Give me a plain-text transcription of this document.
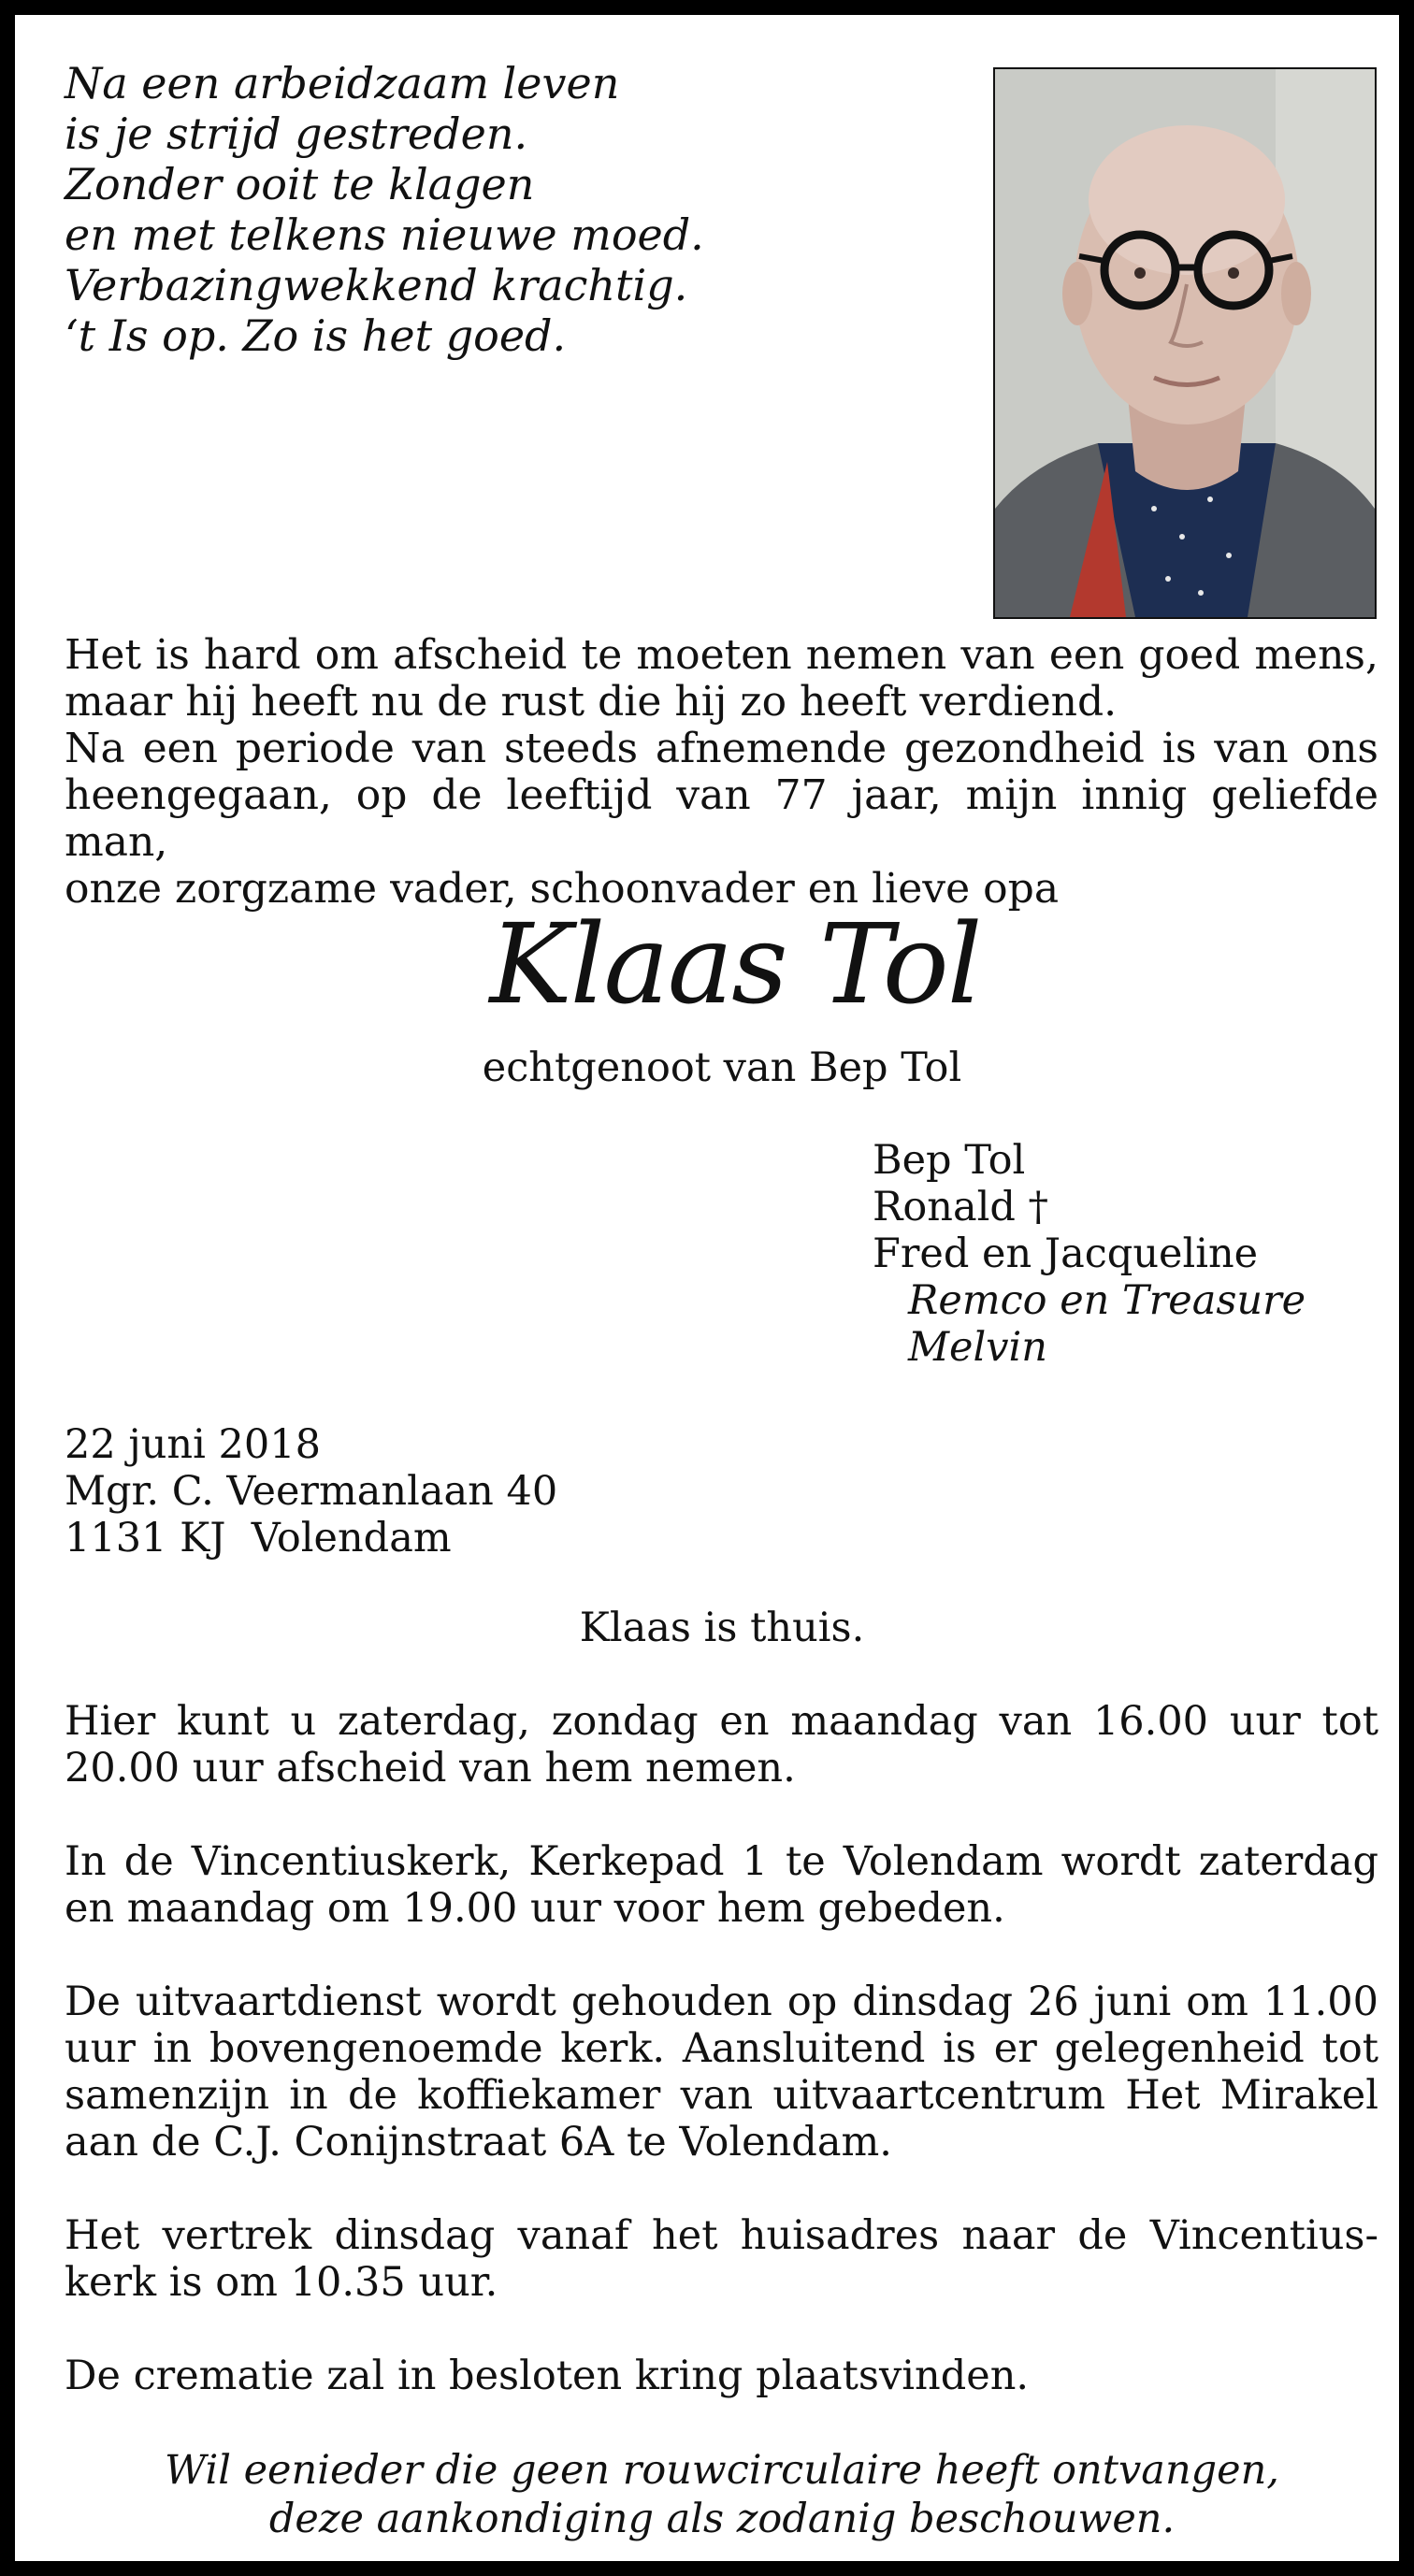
Na een arbeidzaam leven
is je strijd gestreden.
Zonder ooit te klagen
en met telkens nieuwe moed.
Verbazingwekkend krachtig.
‘t Is op. Zo is het goed.

Het is hard om afscheid te moeten nemen van een goed mens,
maar hij heeft nu de rust die hij zo heeft verdiend.

Na een periode van steeds afnemende gezondheid is van ons
heengegaan, op de leeftijd van 77 jaar, mijn innig geliefde man,
onze zorgzame vader, schoonvader en lieve opa

Klaas Tol
echtgenoot van Bep Tol
Bep Tol
Ronald †
Fred en Jacqueline
Remco en Treasure
Melvin
22 juni 2018
Mgr. C. Veermanlaan 40
1131 KJ  Volendam
Klaas is thuis.

Hier kunt u zaterdag, zondag en maandag van 16.00 uur tot
20.00 uur afscheid van hem nemen.

In de Vincentiuskerk, Kerkepad 1 te Volendam wordt zaterdag
en maandag om 19.00 uur voor hem gebeden.

De uitvaartdienst wordt gehouden op dinsdag 26 juni om 11.00
uur in bovengenoemde kerk. Aansluitend is er gelegenheid tot
samenzijn in de koffiekamer van uitvaartcentrum Het Mirakel
aan de C.J. Conijnstraat 6A te Volendam.

Het vertrek dinsdag vanaf het huisadres naar de Vincentius-
kerk is om 10.35 uur.

De crematie zal in besloten kring plaatsvinden.

Wil eenieder die geen rouwcirculaire heeft ontvangen,
deze aankondiging als zodanig beschouwen.
